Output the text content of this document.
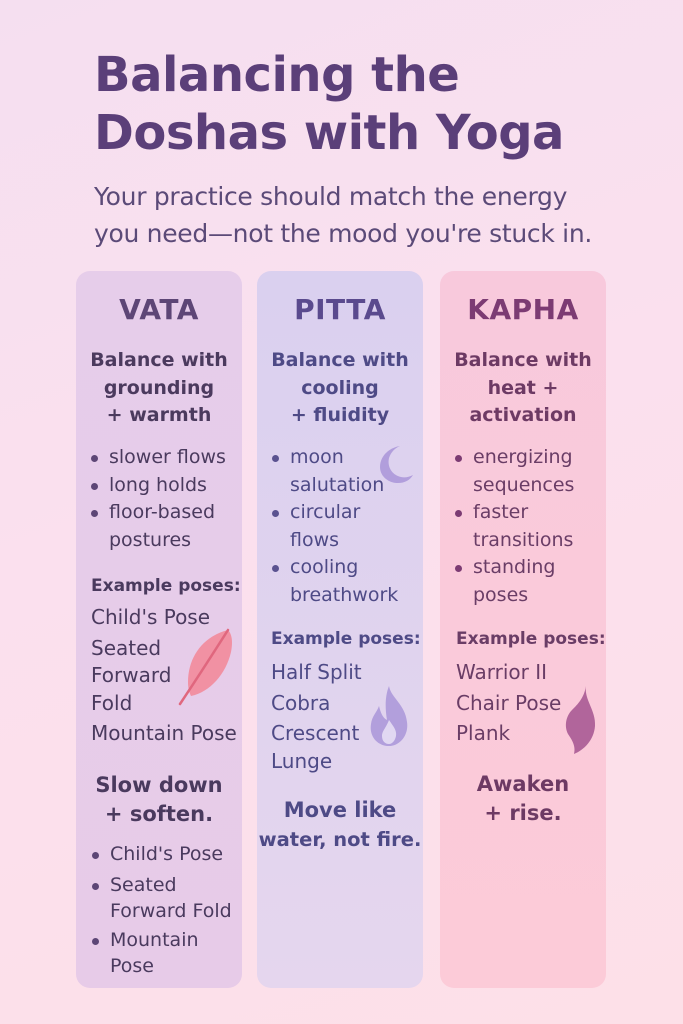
Balancing the
Doshas with Yoga

Your practice should match the energy
you need—not the mood you're stuck in.

VATA
Balance with
grounding
+ warmth
slower flows
long holds
floor-based
postures
Example poses:
Child's Pose
Seated
Forward
Fold
Mountain Pose
Slow down
+ soften.
Child's Pose
Seated
Forward Fold
Mountain
Pose
PITTA
Balance with
cooling
+ fluidity
moon
salutation
circular
flows
cooling
breathwork
Example poses:
Half Split
Cobra
Crescent
Lunge
Move like
water, not fire.
KAPHA
Balance with
heat +
activation
energizing
sequences
faster
transitions
standing
poses
Example poses:
Warrior II
Chair Pose
Plank
Awaken
+ rise.
